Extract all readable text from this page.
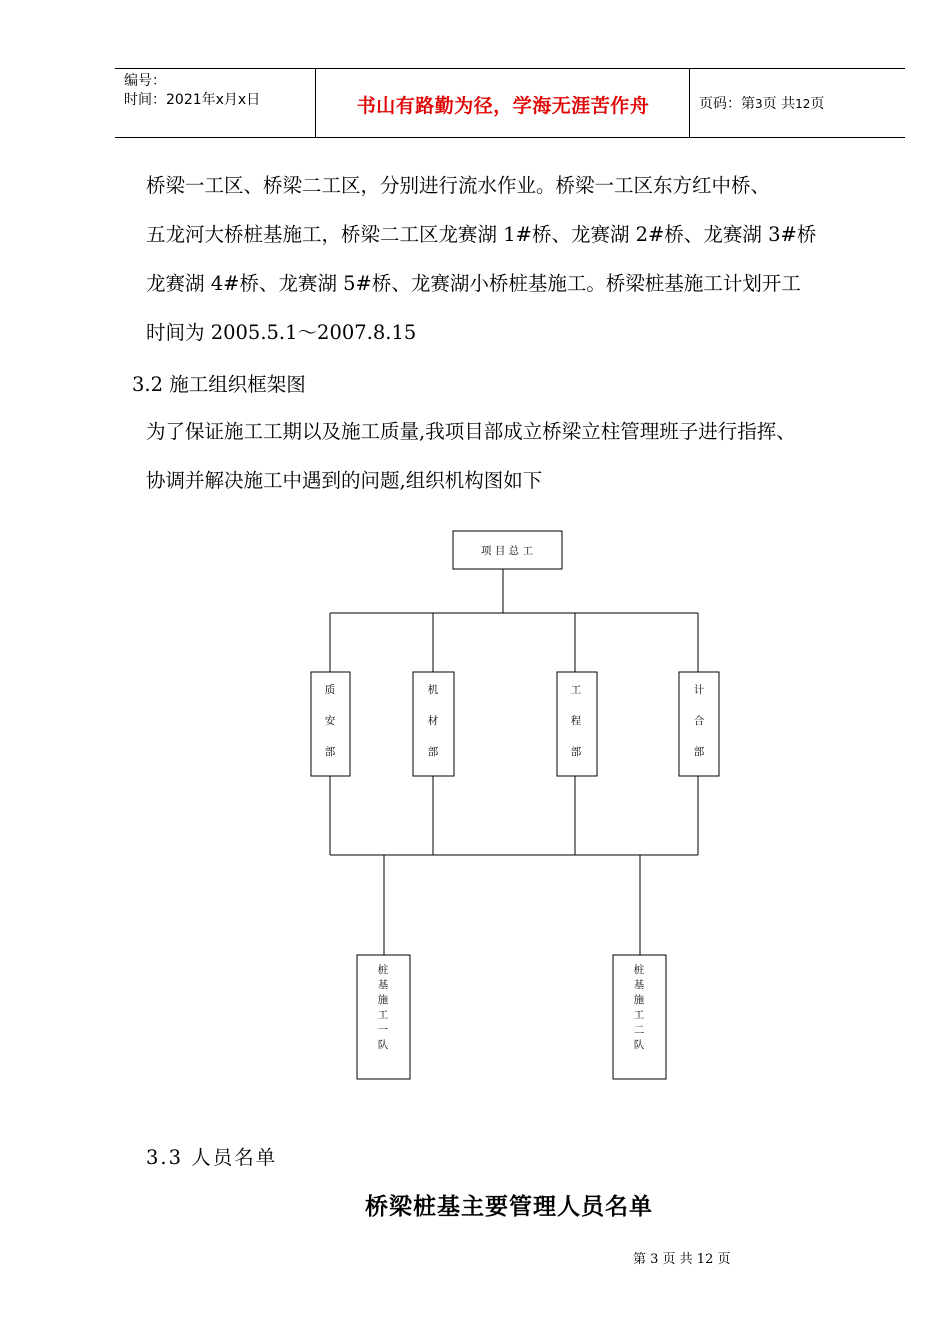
编号：
时间：2021年x月x日	书山有路勤为径，学海无涯苦作舟	页码：第3页 共12页
桥梁一工区、桥梁二工区，分别进行流水作业。桥梁一工区东方红中桥、
五龙河大桥桩基施工，桥梁二工区龙赛湖 1#桥、龙赛湖 2#桥、龙赛湖 3#桥
龙赛湖 4#桥、龙赛湖 5#桥、龙赛湖小桥桩基施工。桥梁桩基施工计划开工
时间为 2005.5.1～2007.8.15
3.2 施工组织框架图
为了保证施工工期以及施工质量,我项目部成立桥梁立柱管理班子进行指挥、
协调并解决施工中遇到的问题,组织机构图如下
项 目 总 工
质安部
机材部
工程部
计合部
桩基施工一队
桩基施工二队
3.3 人员名单
桥梁桩基主要管理人员名单
第 3 页 共 12 页
